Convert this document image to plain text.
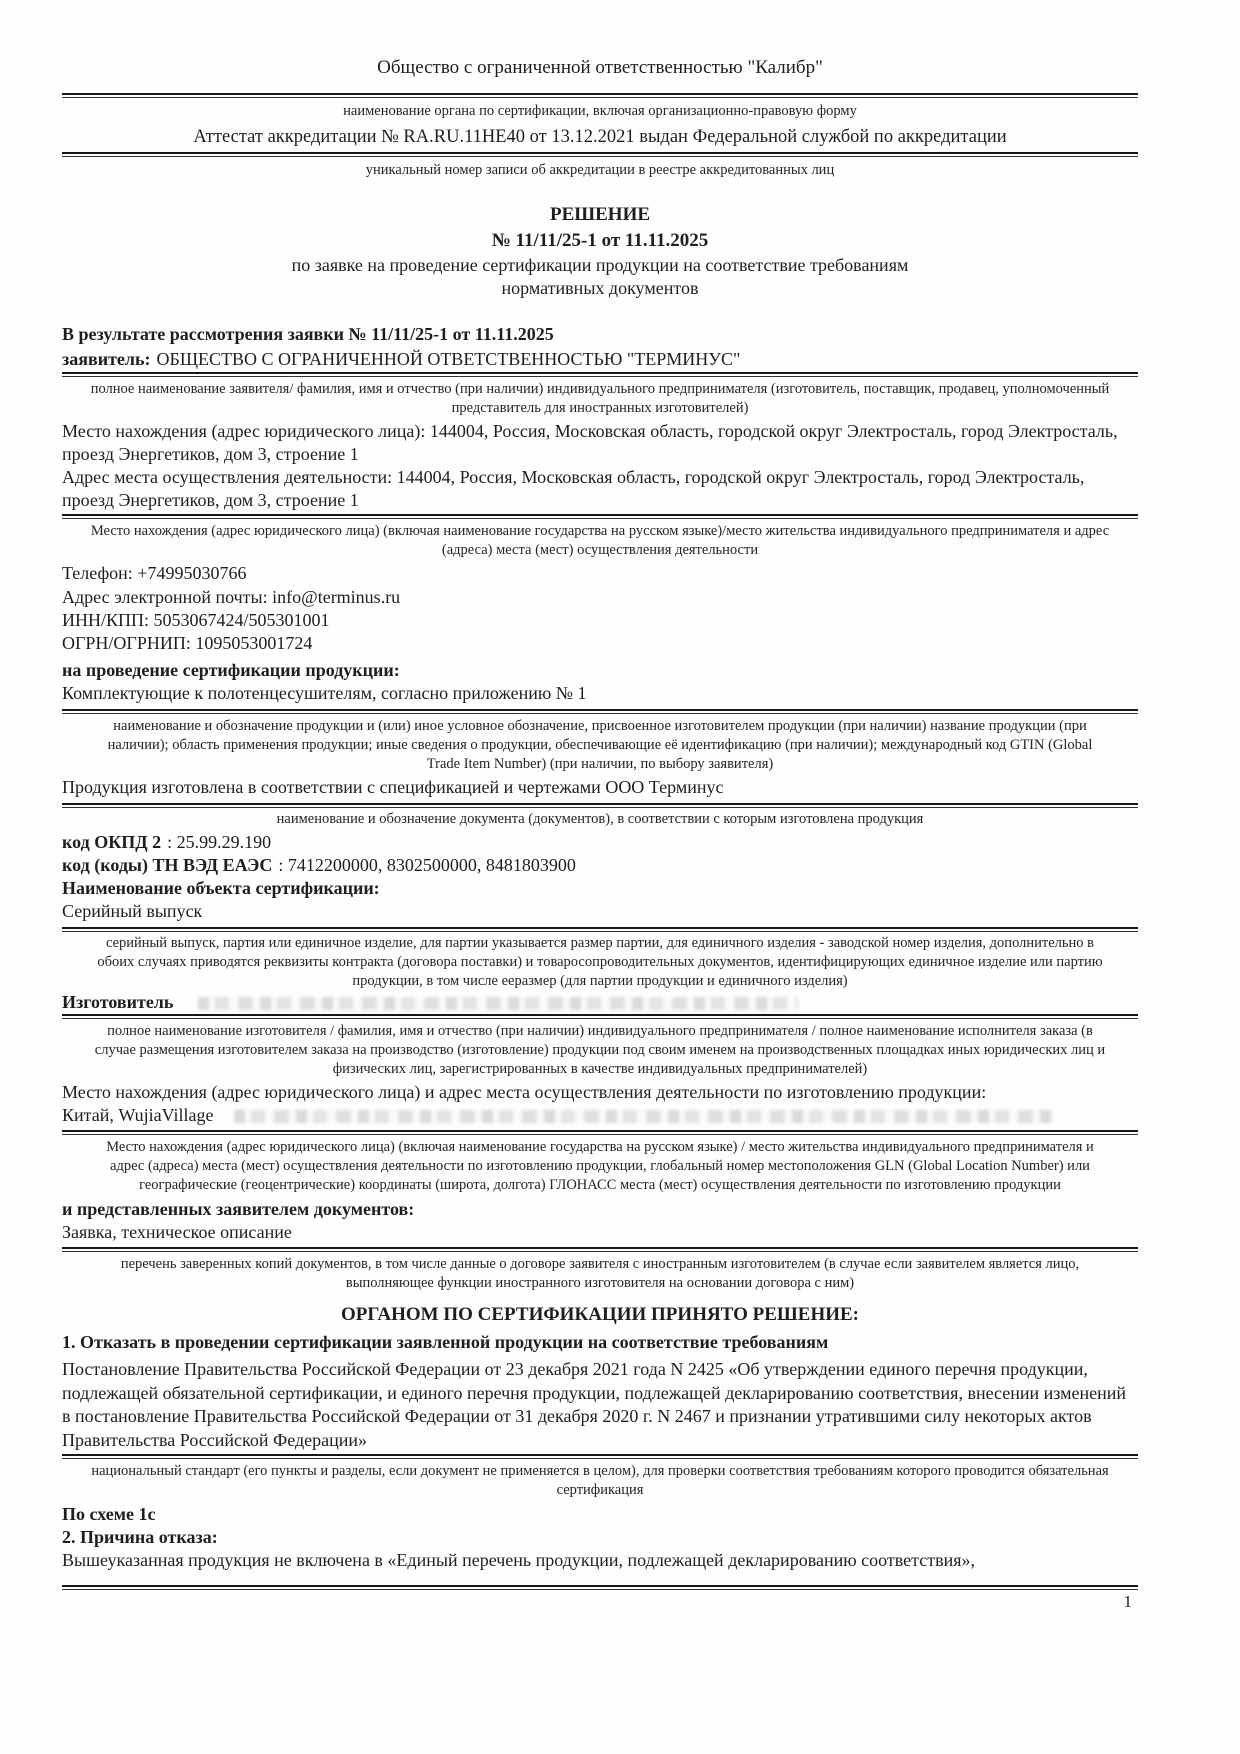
Общество с ограниченной ответственностью "Калибр"
наименование органа по сертификации, включая организационно-правовую форму
Аттестат аккредитации № RA.RU.11НЕ40 от 13.12.2021 выдан Федеральной службой по аккредитации
уникальный номер записи об аккредитации в реестре аккредитованных лиц
РЕШЕНИЕ
№ 11/11/25-1 от 11.11.2025
по заявке на проведение сертификации продукции на соответствие требованиям
нормативных документов
В результате рассмотрения заявки № 11/11/25-1 от 11.11.2025
заявитель: ОБЩЕСТВО С ОГРАНИЧЕННОЙ ОТВЕТСТВЕННОСТЬЮ "ТЕРМИНУС"
полное наименование заявителя/ фамилия, имя и отчество (при наличии) индивидуального предпринимателя (изготовитель, поставщик, продавец, уполномоченный представитель для иностранных изготовителей)
Место нахождения (адрес юридического лица): 144004, Россия, Московская область, городской округ Электросталь, город Электросталь, проезд Энергетиков, дом 3, строение 1
Адрес места осуществления деятельности: 144004, Россия, Московская область, городской округ Электросталь, город Электросталь, проезд Энергетиков, дом 3, строение 1
Место нахождения (адрес юридического лица) (включая наименование государства на русском языке)/место жительства индивидуального предпринимателя и адрес (адреса) места (мест) осуществления деятельности
Телефон: +74995030766
Адрес электронной почты: info@terminus.ru
ИНН/КПП: 5053067424/505301001
ОГРН/ОГРНИП: 1095053001724
на проведение сертификации продукции:
Комплектующие к полотенцесушителям, согласно приложению № 1
наименование и обозначение продукции и (или) иное условное обозначение, присвоенное изготовителем продукции (при наличии) название продукции (при наличии); область применения продукции; иные сведения о продукции, обеспечивающие её идентификацию (при наличии); международный код GTIN (Global Trade Item Number) (при наличии, по выбору заявителя)
Продукция изготовлена в соответствии с спецификацией и чертежами ООО Терминус
наименование и обозначение документа (документов), в соответствии с которым изготовлена продукция
код ОКПД 2 : 25.99.29.190
код (коды) ТН ВЭД ЕАЭС : 7412200000, 8302500000, 8481803900
Наименование объекта сертификации:
Серийный выпуск
серийный выпуск, партия или единичное изделие, для партии указывается размер партии, для единичного изделия - заводской номер изделия, дополнительно в обоих случаях приводятся реквизиты контракта (договора поставки) и товаросопроводительных документов, идентифицирующих единичное изделие или партию продукции, в том числе ееразмер (для партии продукции и единичного изделия)
Изготовитель
полное наименование изготовителя / фамилия, имя и отчество (при наличии) индивидуального предпринимателя / полное наименование исполнителя заказа (в случае размещения изготовителем заказа на производство (изготовление) продукции под своим именем на производственных площадках иных юридических лиц и физических лиц, зарегистрированных в качестве индивидуальных предпринимателей)
Место нахождения (адрес юридического лица) и адрес места осуществления деятельности по изготовлению продукции:
Китай, WujiaVillage
Место нахождения (адрес юридического лица) (включая наименование государства на русском языке) / место жительства индивидуального предпринимателя и адрес (адреса) места (мест) осуществления деятельности по изготовлению продукции, глобальный номер местоположения GLN (Global Location Number) или географические (геоцентрические) координаты (широта, долгота) ГЛОНАСС места (мест) осуществления деятельности по изготовлению продукции
и представленных заявителем документов:
Заявка, техническое описание
перечень заверенных копий документов, в том числе данные о договоре заявителя с иностранным изготовителем (в случае если заявителем является лицо, выполняющее функции иностранного изготовителя на основании договора с ним)
ОРГАНОМ ПО СЕРТИФИКАЦИИ ПРИНЯТО РЕШЕНИЕ:
1. Отказать в проведении сертификации заявленной продукции на соответствие требованиям
Постановление Правительства Российской Федерации от 23 декабря 2021 года N 2425 «Об утверждении единого перечня продукции, подлежащей обязательной сертификации, и единого перечня продукции, подлежащей декларированию соответствия, внесении изменений в постановление Правительства Российской Федерации от 31 декабря 2020 г. N 2467 и признании утратившими силу некоторых актов Правительства Российской Федерации»
национальный стандарт (его пункты и разделы, если документ не применяется в целом), для проверки соответствия требованиям которого проводится обязательная сертификация
По схеме 1с
2. Причина отказа:
Вышеуказанная продукция не включена в «Единый перечень продукции, подлежащей декларированию соответствия»,
1
